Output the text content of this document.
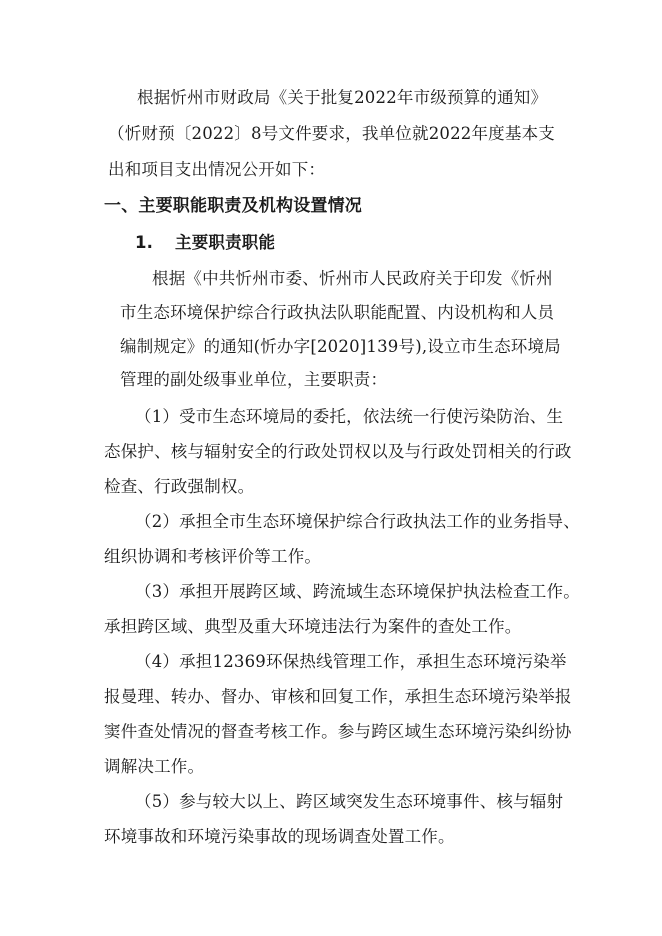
根据忻州市财政局《关于批复2022年市级预算的通知》
（忻财预〔2022〕8号文件要求，我单位就2022年度基本支
出和项目支出情况公开如下：
一、主要职能职责及机构设置情况
1. 主要职责职能
根据《中共忻州市委、忻州市人民政府关于印发《忻州
市生态环境保护综合行政执法队职能配置、内设机构和人员
编制规定》的通知(忻办字[2020]139号),设立市生态环境局
管理的副处级事业单位，主要职责：
（1）受市生态环境局的委托，依法统一行使污染防治、生
态保护、核与辐射安全的行政处罚权以及与行政处罚相关的行政
检查、行政强制权。
（2）承担全市生态环境保护综合行政执法工作的业务指导、
组织协调和考核评价等工作。
（3）承担开展跨区域、跨流域生态环境保护执法检查工作。
承担跨区域、典型及重大环境违法行为案件的查处工作。
（4）承担12369环保热线管理工作，承担生态环境污染举
报曼理、转办、督办、审核和回复工作，承担生态环境污染举报
窦件查处情况的督查考核工作。参与跨区域生态环境污染纠纷协
调解决工作。
（5）参与较大以上、跨区域突发生态环境事件、核与辐射
环境事故和环境污染事故的现场调查处置工作。
